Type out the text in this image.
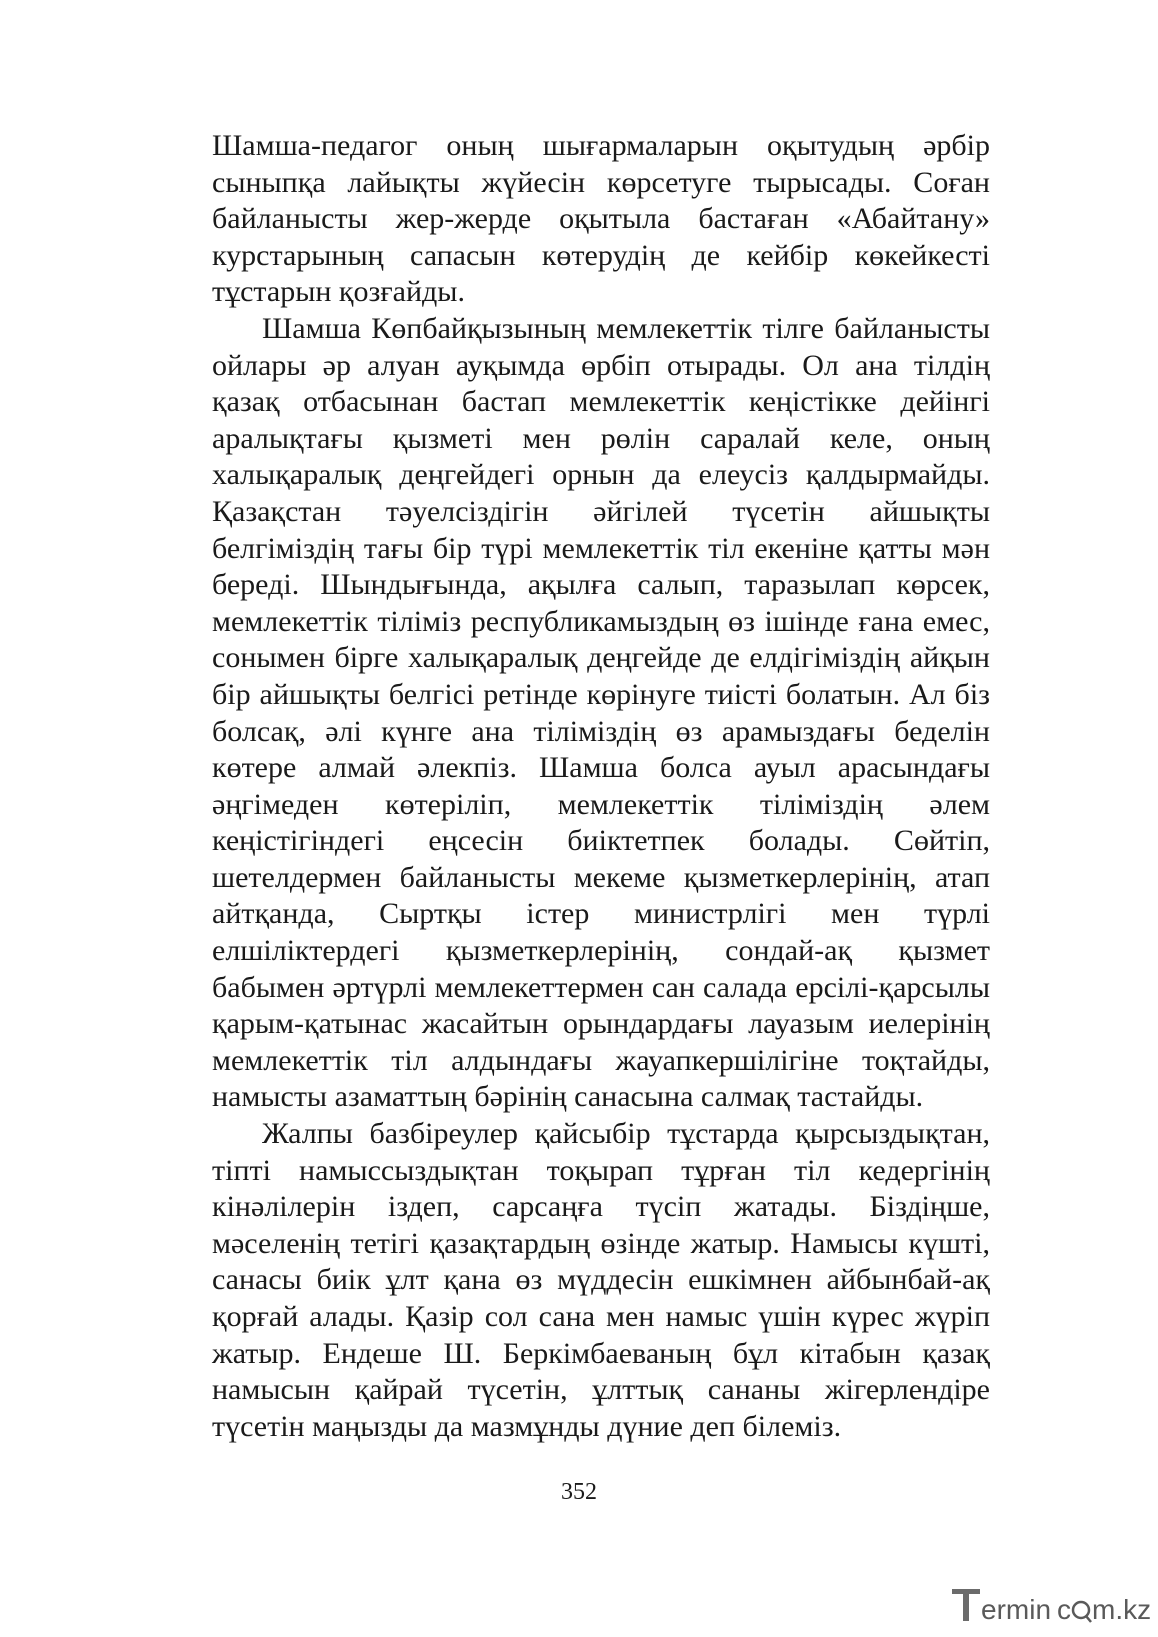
Шамша-педагог оның шығармаларын оқытудың әрбір сыныпқа лайықты жүйесін көрсетуге тырысады. Соған байланысты жер-жерде оқытыла бастаған «Абайтану» курстарының сапасын көтерудің де кейбір көкейкесті тұстарын қозғайды.

Шамша Көпбайқызының мемлекеттік тілге байланысты ойлары әр алуан ауқымда өрбіп отырады. Ол ана тілдің қазақ отбасынан бастап мемлекеттік кеңістікке дейінгі аралықтағы қызметі мен рөлін саралай келе, оның халықаралық деңгейдегі орнын да елеусіз қалдырмайды. Қазақстан тәуелсіздігін әйгілей түсетін айшықты белгіміздің тағы бір түрі мемлекеттік тіл екеніне қатты мән береді. Шындығында, ақылға салып, таразылап көрсек, мемлекеттік тіліміз республикамыздың өз ішінде ғана емес, сонымен бірге халықаралық деңгейде де елдігіміздің айқын бір айшықты белгісі ретінде көрінуге тиісті болатын. Ал біз болсақ, әлі күнге ана тіліміздің өз арамыздағы беделін көтере алмай әлекпіз. Шамша болса ауыл арасындағы әңгімеден көтеріліп, мемлекеттік тіліміздің әлем кеңістігіндегі еңсесін биіктетпек болады. Сөйтіп, шетелдермен байланысты мекеме қызметкерлерінің, атап айтқанда, Сыртқы істер министрлігі мен түрлі елшіліктердегі қызметкерлерінің, сондай-ақ қызмет бабымен әртүрлі мемлекеттермен сан салада ерсілі-қарсылы қарым-қатынас жасайтын орындардағы лауазым иелерінің мемлекеттік тіл алдындағы жауапкершілігіне тоқтайды, намысты азаматтың бәрінің санасына салмақ тастайды.

Жалпы базбіреулер қайсыбір тұстарда қырсыздықтан, тіпті намыссыздықтан тоқырап тұрған тіл кедергінің кінәлілерін іздеп, сарсаңға түсіп жатады. Біздіңше, мәселенің тетігі қазақтардың өзінде жатыр. Намысы күшті, санасы биік ұлт қана өз мүддесін ешкімнен айбынбай-ақ қорғай алады. Қазір сол сана мен намыс үшін күрес жүріп жатыр. Ендеше Ш. Беркімбаеваның бұл кітабын қазақ намысын қайрай түсетін, ұлттық сананы жігерлендіре түсетін маңызды да мазмұнды дүние деп білеміз.

352
ermin c m.kz
